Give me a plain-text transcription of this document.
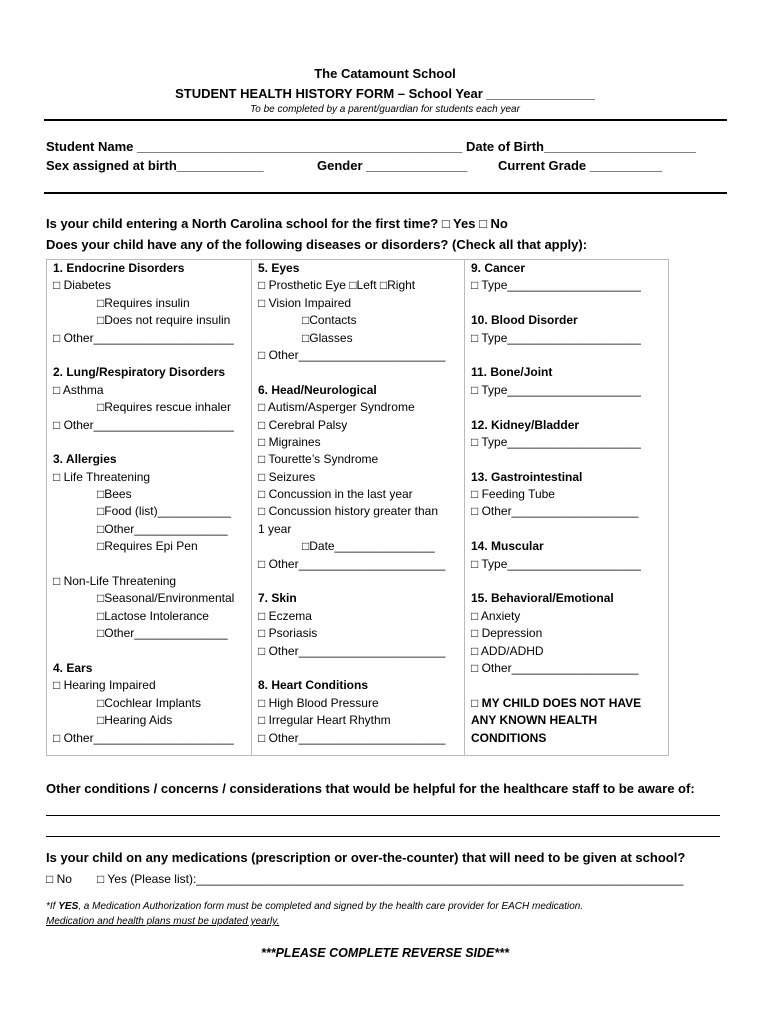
The Catamount School
STUDENT HEALTH HISTORY FORM – School Year _______________
To be completed by a parent/guardian for students each year
Student Name _____________________________________________ Date of Birth_____________________
Sex assigned at birth____________	Gender ______________ Current Grade __________
Is your child entering a North Carolina school for the first time? □ Yes □ No
Does your child have any of the following diseases or disorders? (Check all that apply):
1. Endocrine Disorders
□ Diabetes
□Requires insulin
□Does not require insulin
□ Other_____________________
2. Lung/Respiratory Disorders
□ Asthma
□Requires rescue inhaler
□ Other_____________________
3. Allergies
□ Life Threatening
□Bees
□Food (list)___________
□Other______________
□Requires Epi Pen
□ Non-Life Threatening
□Seasonal/Environmental
□Lactose Intolerance
□Other______________
4. Ears
□ Hearing Impaired
□Cochlear Implants
□Hearing Aids
□ Other_____________________
5. Eyes
□ Prosthetic Eye □Left □Right
□ Vision Impaired
□Contacts
□Glasses
□ Other______________________
6. Head/Neurological
□ Autism/Asperger Syndrome
□ Cerebral Palsy
□ Migraines
□ Tourette’s Syndrome
□ Seizures
□ Concussion in the last year
□ Concussion history greater than
1 year
□Date_______________
□ Other______________________
7. Skin
□ Eczema
□ Psoriasis
□ Other______________________
8. Heart Conditions
□ High Blood Pressure
□ Irregular Heart Rhythm
□ Other______________________
9. Cancer
□ Type____________________
10. Blood Disorder
□ Type____________________
11. Bone/Joint
□ Type____________________
12. Kidney/Bladder
□ Type____________________
13. Gastrointestinal
□ Feeding Tube
□ Other___________________
14. Muscular
□ Type____________________
15. Behavioral/Emotional
□ Anxiety
□ Depression
□ ADD/ADHD
□ Other___________________
□ MY CHILD DOES NOT HAVE
ANY KNOWN HEALTH
CONDITIONS
Other conditions / concerns / considerations that would be helpful for the healthcare staff to be aware of:
Is your child on any medications (prescription or over-the-counter) that will need to be given at school?
□ No □ Yes (Please list):_________________________________________________________________________
*If YES, a Medication Authorization form must be completed and signed by the health care provider for EACH medication.
Medication and health plans must be updated yearly.
***PLEASE COMPLETE REVERSE SIDE***
